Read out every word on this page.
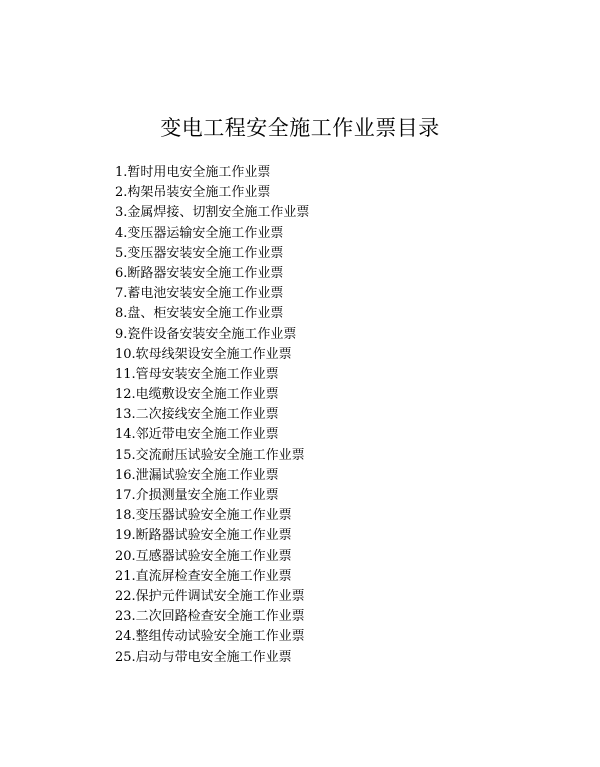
变电工程安全施工作业票目录
1.暂时用电安全施工作业票
2.构架吊装安全施工作业票
3.金属焊接、切割安全施工作业票
4.变压器运输安全施工作业票
5.变压器安装安全施工作业票
6.断路器安装安全施工作业票
7.蓄电池安装安全施工作业票
8.盘、柜安装安全施工作业票
9.瓷件设备安装安全施工作业票
10.软母线架设安全施工作业票
11.管母安装安全施工作业票
12.电缆敷设安全施工作业票
13.二次接线安全施工作业票
14.邻近带电安全施工作业票
15.交流耐压试验安全施工作业票
16.泄漏试验安全施工作业票
17.介损测量安全施工作业票
18.变压器试验安全施工作业票
19.断路器试验安全施工作业票
20.互感器试验安全施工作业票
21.直流屏检查安全施工作业票
22.保护元件调试安全施工作业票
23.二次回路检查安全施工作业票
24.整组传动试验安全施工作业票
25.启动与带电安全施工作业票
